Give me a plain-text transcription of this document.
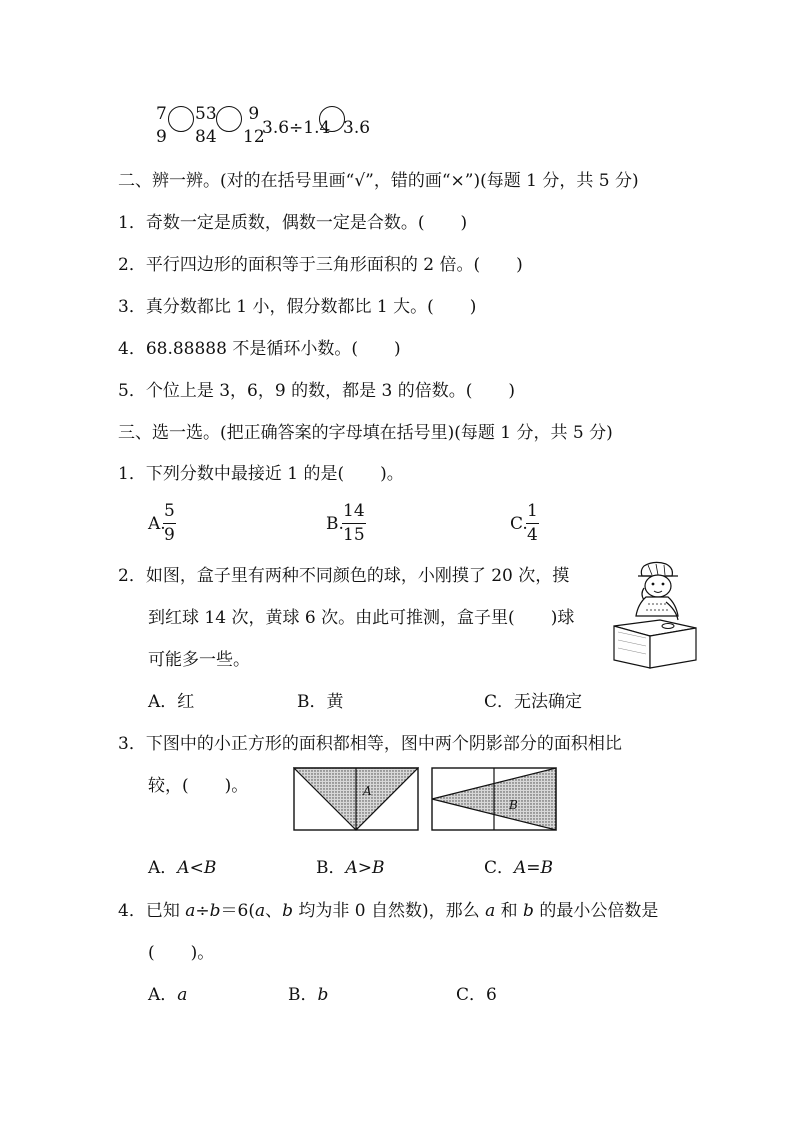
7
9
53
84
9
12
3.6÷1.4 3.6
二、辨一辨。(对的在括号里画“√”，错的画“×”)(每题 1 分，共 5 分)
1．奇数一定是质数，偶数一定是合数。( )
2．平行四边形的面积等于三角形面积的 2 倍。( )
3．真分数都比 1 小，假分数都比 1 大。( )
4．68.88888 不是循环小数。( )
5．个位上是 3，6，9 的数，都是 3 的倍数。( )
三、选一选。(把正确答案的字母填在括号里)(每题 1 分，共 5 分)
1．下列分数中最接近 1 的是( )。
A.
$\frac{5}{9}$	B.
$\frac{14}{15}$	C.
$\frac{1}{4}$
2．如图，盒子里有两种不同颜色的球，小刚摸了 20 次，摸
到红球 14 次，黄球 6 次。由此可推测，盒子里( )球
可能多一些。
A．红	B．黄	C．无法确定
3．下图中的小正方形的面积都相等，图中两个阴影部分的面积相比
较，( )。	A
B
A．A<B	B．A>B	C．A=B
4．已知 a÷b＝6(a、b 均为非 0 自然数)，那么 a 和 b 的最小公倍数是
( )。
A．a	B．b	C．6
